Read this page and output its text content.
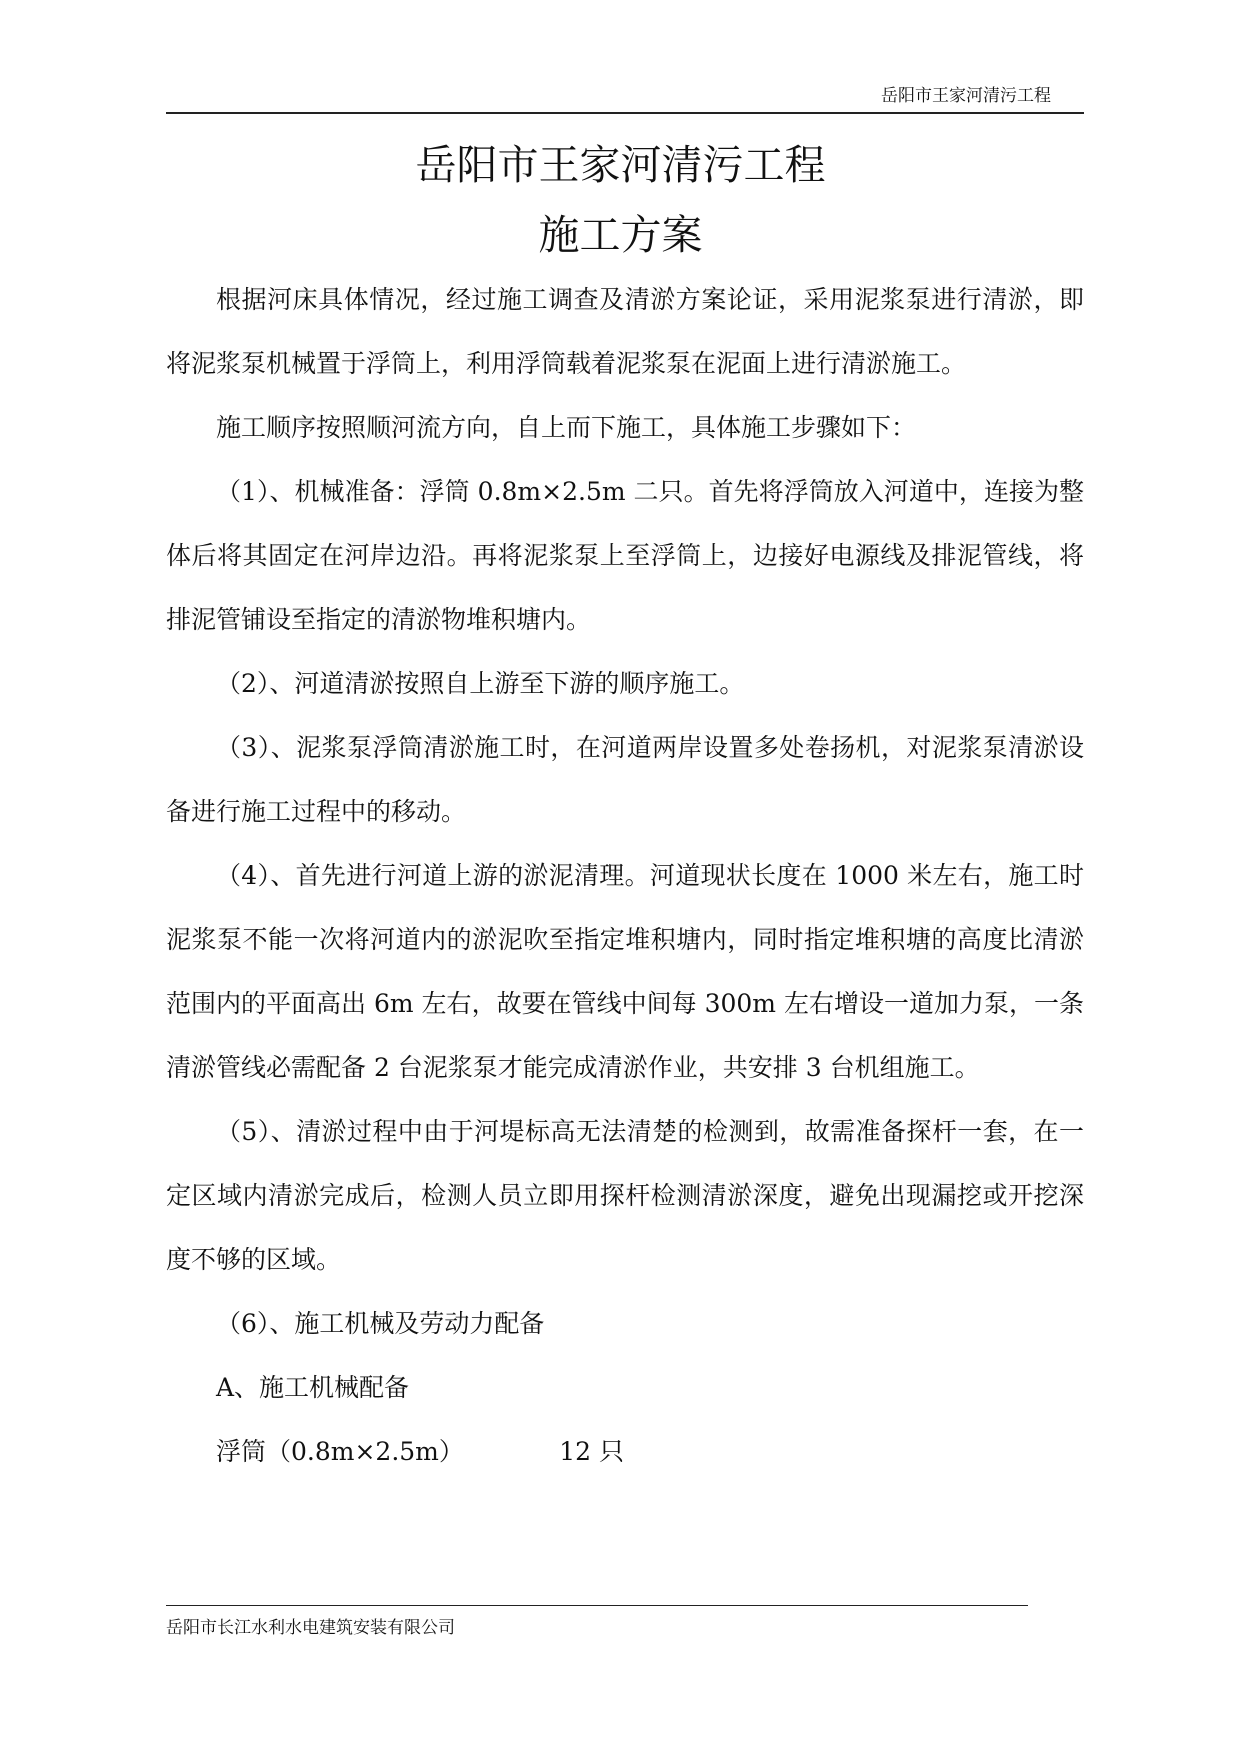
岳阳市王家河清污工程
岳阳市王家河清污工程
施工方案

根据河床具体情况，经过施工调查及清淤方案论证，采用泥浆泵进行清淤，即将泥浆泵机械置于浮筒上，利用浮筒载着泥浆泵在泥面上进行清淤施工。

施工顺序按照顺河流方向，自上而下施工，具体施工步骤如下：

（1）、机械准备：浮筒 0.8m×2.5m 二只。首先将浮筒放入河道中，连接为整体后将其固定在河岸边沿。再将泥浆泵上至浮筒上，边接好电源线及排泥管线，将排泥管铺设至指定的清淤物堆积塘内。

（2）、河道清淤按照自上游至下游的顺序施工。

（3）、泥浆泵浮筒清淤施工时，在河道两岸设置多处卷扬机，对泥浆泵清淤设备进行施工过程中的移动。

（4）、首先进行河道上游的淤泥清理。河道现状长度在 1000 米左右，施工时泥浆泵不能一次将河道内的淤泥吹至指定堆积塘内，同时指定堆积塘的高度比清淤范围内的平面高出 6m 左右，故要在管线中间每 300m 左右增设一道加力泵，一条清淤管线必需配备 2 台泥浆泵才能完成清淤作业，共安排 3 台机组施工。

（5）、清淤过程中由于河堤标高无法清楚的检测到，故需准备探杆一套，在一定区域内清淤完成后，检测人员立即用探杆检测清淤深度，避免出现漏挖或开挖深度不够的区域。

（6）、施工机械及劳动力配备

A、施工机械配备

浮筒（0.8m×2.5m）            12 只

岳阳市长江水利水电建筑安装有限公司
